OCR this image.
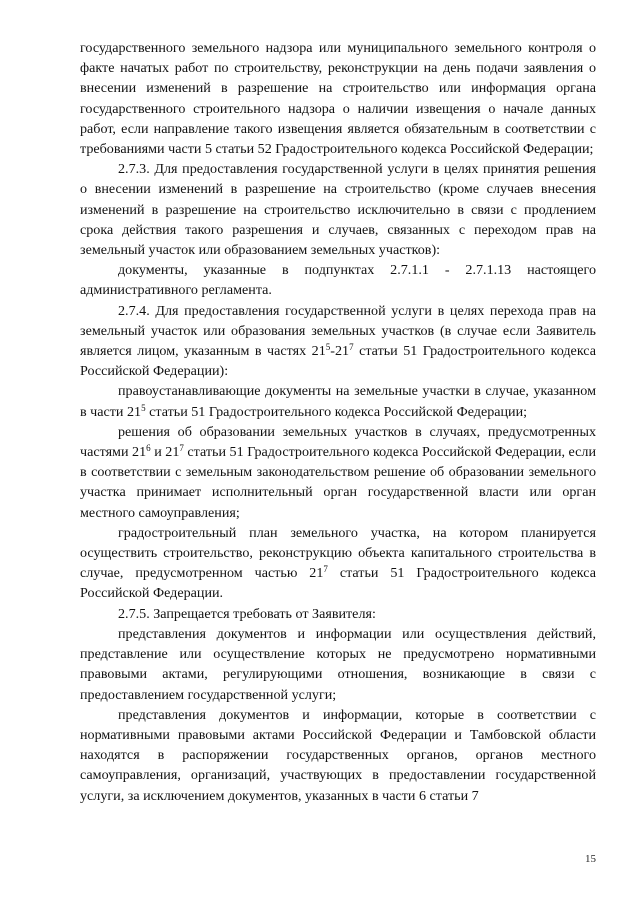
государственного земельного надзора или муниципального земельного контроля о факте начатых работ по строительству, реконструкции на день подачи заявления о внесении изменений в разрешение на строительство или информация органа государственного строительного надзора о наличии извещения о начале данных работ, если направление такого извещения является обязательным в соответствии с требованиями части 5 статьи 52 Градостроительного кодекса Российской Федерации;

2.7.3. Для предоставления государственной услуги в целях принятия решения о внесении изменений в разрешение на строительство (кроме случаев внесения изменений в разрешение на строительство исключительно в связи с продлением срока действия такого разрешения и случаев, связанных с переходом прав на земельный участок или образованием земельных участков):

документы, указанные в подпунктах 2.7.1.1 - 2.7.1.13 настоящего административного регламента.

2.7.4. Для предоставления государственной услуги в целях перехода прав на земельный участок или образования земельных участков (в случае если Заявитель является лицом, указанным в частях $21^5-21^7$ статьи 51 Градостроительного кодекса Российской Федерации):

правоустанавливающие документы на земельные участки в случае, указанном в части $21^5$ статьи 51 Градостроительного кодекса Российской Федерации;

решения об образовании земельных участков в случаях, предусмотренных частями $21^6$ и $21^7$ статьи 51 Градостроительного кодекса Российской Федерации, если в соответствии с земельным законодательством решение об образовании земельного участка принимает исполнительный орган государственной власти или орган местного самоуправления;

градостроительный план земельного участка, на котором планируется осуществить строительство, реконструкцию объекта капитального строительства в случае, предусмотренном частью $21^7$ статьи 51 Градостроительного кодекса Российской Федерации.

2.7.5. Запрещается требовать от Заявителя:

представления документов и информации или осуществления действий, представление или осуществление которых не предусмотрено нормативными правовыми актами, регулирующими отношения, возникающие в связи с предоставлением государственной услуги;

представления документов и информации, которые в соответствии с нормативными правовыми актами Российской Федерации и Тамбовской области находятся в распоряжении государственных органов, органов местного самоуправления, организаций, участвующих в предоставлении государственной услуги, за исключением документов, указанных в части 6 статьи 7

15
